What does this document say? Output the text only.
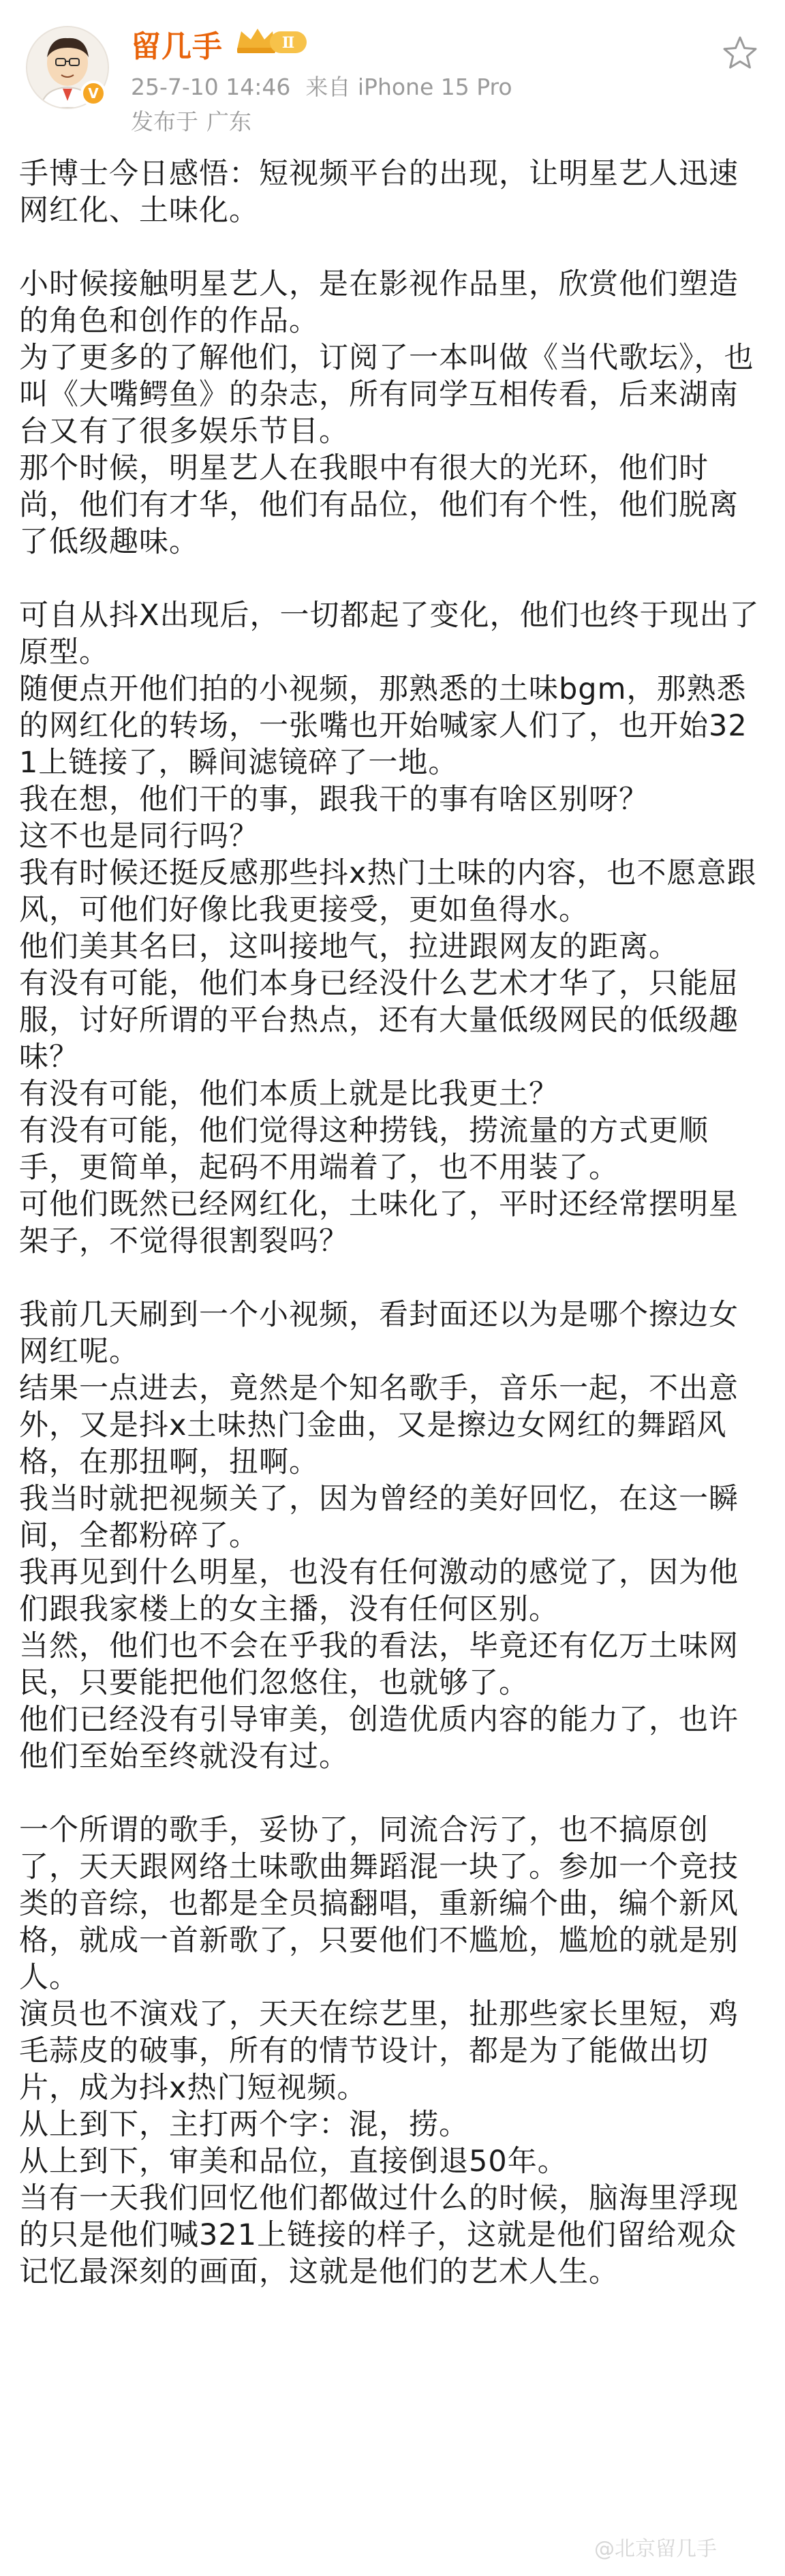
V
留几手	Ⅱ
25-7-10 14:46 来自 iPhone 15 Pro
发布于 广东

手博士今日感悟：短视频平台的出现，让明星艺人迅速网红化、土味化。

小时候接触明星艺人，是在影视作品里，欣赏他们塑造的角色和创作的作品。

为了更多的了解他们，订阅了一本叫做《当代歌坛》，也叫《大嘴鳄鱼》的杂志，所有同学互相传看，后来湖南台又有了很多娱乐节目。

那个时候，明星艺人在我眼中有很大的光环，他们时尚，他们有才华，他们有品位，他们有个性，他们脱离了低级趣味。

可自从抖X出现后，一切都起了变化，他们也终于现出了原型。

随便点开他们拍的小视频，那熟悉的土味bgm，那熟悉的网红化的转场，一张嘴也开始喊家人们了，也开始321上链接了，瞬间滤镜碎了一地。

我在想，他们干的事，跟我干的事有啥区别呀？

这不也是同行吗？

我有时候还挺反感那些抖x热门土味的内容，也不愿意跟风，可他们好像比我更接受，更如鱼得水。

他们美其名曰，这叫接地气，拉进跟网友的距离。

有没有可能，他们本身已经没什么艺术才华了，只能屈服，讨好所谓的平台热点，还有大量低级网民的低级趣味？

有没有可能，他们本质上就是比我更土？

有没有可能，他们觉得这种捞钱，捞流量的方式更顺手，更简单，起码不用端着了，也不用装了。

可他们既然已经网红化，土味化了，平时还经常摆明星架子，不觉得很割裂吗？

我前几天刷到一个小视频，看封面还以为是哪个擦边女网红呢。

结果一点进去，竟然是个知名歌手，音乐一起，不出意外，又是抖x土味热门金曲，又是擦边女网红的舞蹈风格，在那扭啊，扭啊。

我当时就把视频关了，因为曾经的美好回忆，在这一瞬间，全都粉碎了。

我再见到什么明星，也没有任何激动的感觉了，因为他们跟我家楼上的女主播，没有任何区别。

当然，他们也不会在乎我的看法，毕竟还有亿万土味网民，只要能把他们忽悠住，也就够了。

他们已经没有引导审美，创造优质内容的能力了，也许他们至始至终就没有过。

一个所谓的歌手，妥协了，同流合污了，也不搞原创了，天天跟网络土味歌曲舞蹈混一块了。参加一个竞技类的音综，也都是全员搞翻唱，重新编个曲，编个新风格，就成一首新歌了，只要他们不尴尬，尴尬的就是别人。

演员也不演戏了，天天在综艺里，扯那些家长里短，鸡毛蒜皮的破事，所有的情节设计，都是为了能做出切片，成为抖x热门短视频。

从上到下，主打两个字：混，捞。

从上到下，审美和品位，直接倒退50年。

当有一天我们回忆他们都做过什么的时候，脑海里浮现的只是他们喊321上链接的样子，这就是他们留给观众记忆最深刻的画面，这就是他们的艺术人生。

@北京留几手
